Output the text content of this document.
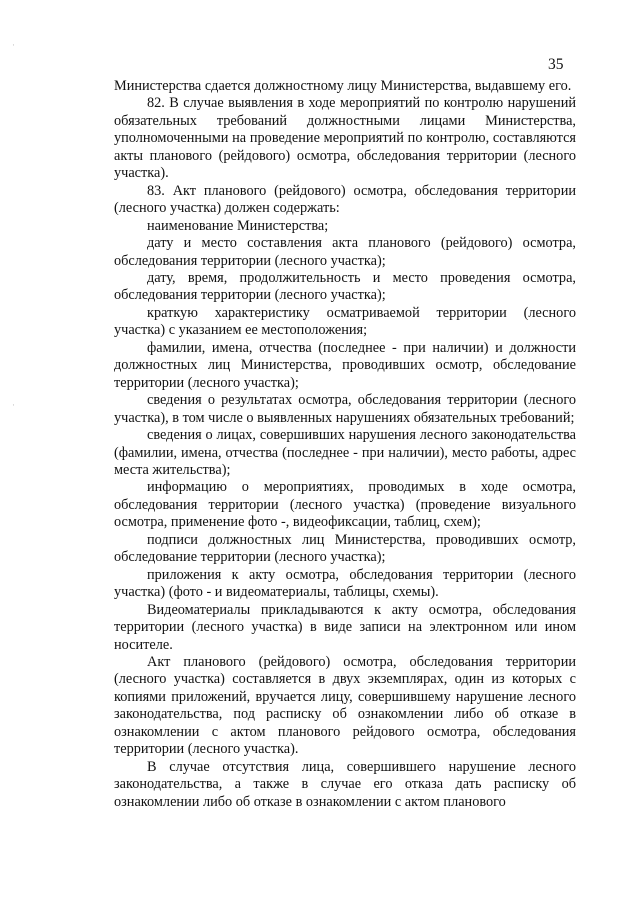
·
·
35

Министерства сдается должностному лицу Министерства, выдавшему его.

82. В случае выявления в ходе мероприятий по контролю нарушений обязательных требований должностными лицами Министерства, уполномоченными на проведение мероприятий по контролю, составляются акты планового (рейдового) осмотра, обследования территории (лесного участка).

83. Акт планового (рейдового) осмотра, обследования территории (лесного участка) должен содержать:

наименование Министерства;

дату и место составления акта планового (рейдового) осмотра, обследования территории (лесного участка);

дату, время, продолжительность и место проведения осмотра, обследования территории (лесного участка);

краткую характеристику осматриваемой территории (лесного участка) с указанием ее местоположения;

фамилии, имена, отчества (последнее - при наличии) и должности должностных лиц Министерства, проводивших осмотр, обследование территории (лесного участка);

сведения о результатах осмотра, обследования территории (лесного участка), в том числе о выявленных нарушениях обязательных требований;

сведения о лицах, совершивших нарушения лесного законодательства (фамилии, имена, отчества (последнее - при наличии), место работы, адрес места жительства);

информацию о мероприятиях, проводимых в ходе осмотра, обследования территории (лесного участка) (проведение визуального осмотра, применение фото -, видеофиксации, таблиц, схем);

подписи должностных лиц Министерства, проводивших осмотр, обследование территории (лесного участка);

приложения к акту осмотра, обследования территории (лесного участка) (фото - и видеоматериалы, таблицы, схемы).

Видеоматериалы прикладываются к акту осмотра, обследования территории (лесного участка) в виде записи на электронном или ином носителе.

Акт планового (рейдового) осмотра, обследования территории (лесного участка) составляется в двух экземплярах, один из которых с копиями приложений, вручается лицу, совершившему нарушение лесного законодательства, под расписку об ознакомлении либо об отказе в ознакомлении с актом планового рейдового осмотра, обследования территории (лесного участка).

В случае отсутствия лица, совершившего нарушение лесного законодательства, а также в случае его отказа дать расписку об ознакомлении либо об отказе в ознакомлении с актом планового
